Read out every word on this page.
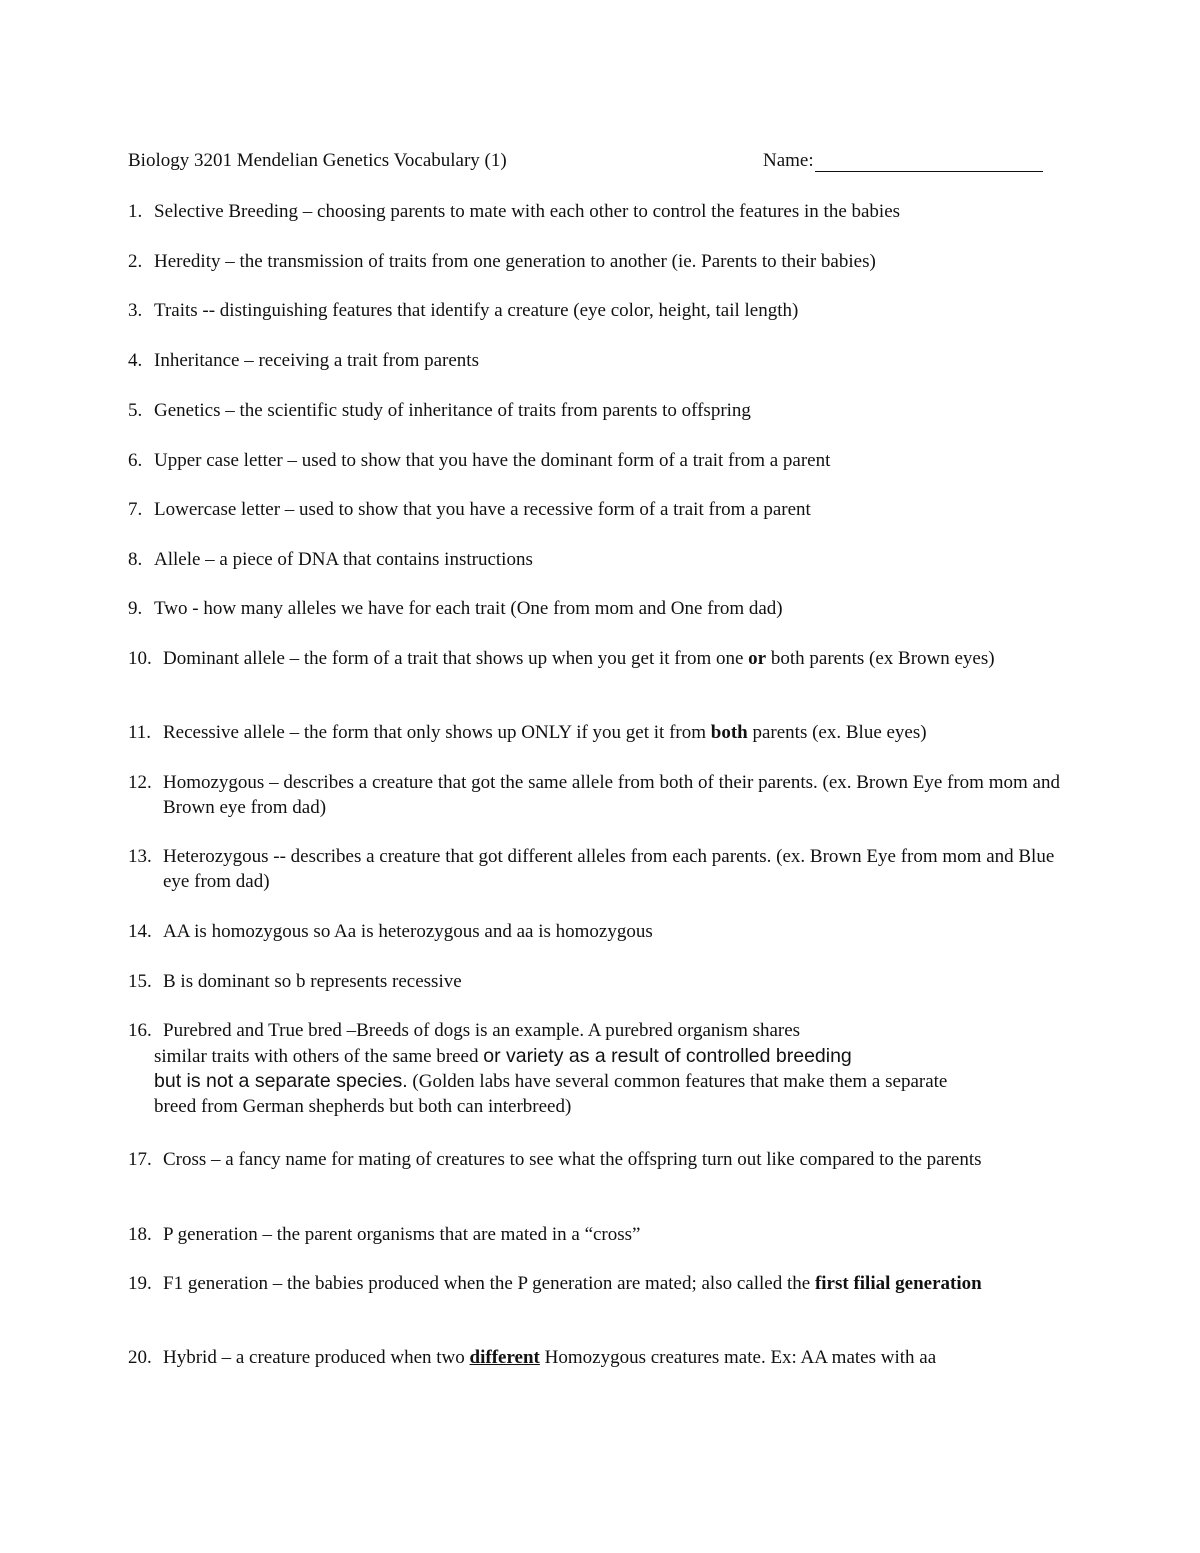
Biology 3201 Mendelian Genetics Vocabulary (1)	Name:
1. Selective Breeding – choosing parents to mate with each other to control the features in the babies
2. Heredity – the transmission of traits from one generation to another (ie. Parents to their babies)
3. Traits -- distinguishing features that identify a creature (eye color, height, tail length)
4. Inheritance – receiving a trait from parents
5. Genetics – the scientific study of inheritance of traits from parents to offspring
6. Upper case letter – used to show that you have the dominant form of a trait from a parent
7. Lowercase letter – used to show that you have a recessive form of a trait from a parent
8. Allele – a piece of DNA that contains instructions
9. Two - how many alleles we have for each trait (One from mom and One from dad)
10. Dominant allele – the form of a trait that shows up when you get it from one or both parents (ex Brown eyes)
11. Recessive allele – the form that only shows up ONLY if you get it from both parents (ex. Blue eyes)
12. Homozygous – describes a creature that got the same allele from both of their parents. (ex. Brown Eye from mom and Brown eye from dad)
13. Heterozygous -- describes a creature that got different alleles from each parents. (ex. Brown Eye from mom and Blue eye from dad)
14. AA is homozygous so Aa is heterozygous and aa is homozygous
15. B is dominant so b represents recessive
16. Purebred and True bred –Breeds of dogs is an example. A purebred organism shares
similar traits with others of the same breed or variety as a result of controlled breeding
but is not a separate species. (Golden labs have several common features that make them a separate
breed from German shepherds but both can interbreed)
17. Cross – a fancy name for mating of creatures to see what the offspring turn out like compared to the parents
18. P generation – the parent organisms that are mated in a “cross”
19. F1 generation – the babies produced when the P generation are mated; also called the first filial generation
20. Hybrid – a creature produced when two different Homozygous creatures mate. Ex: AA mates with aa
